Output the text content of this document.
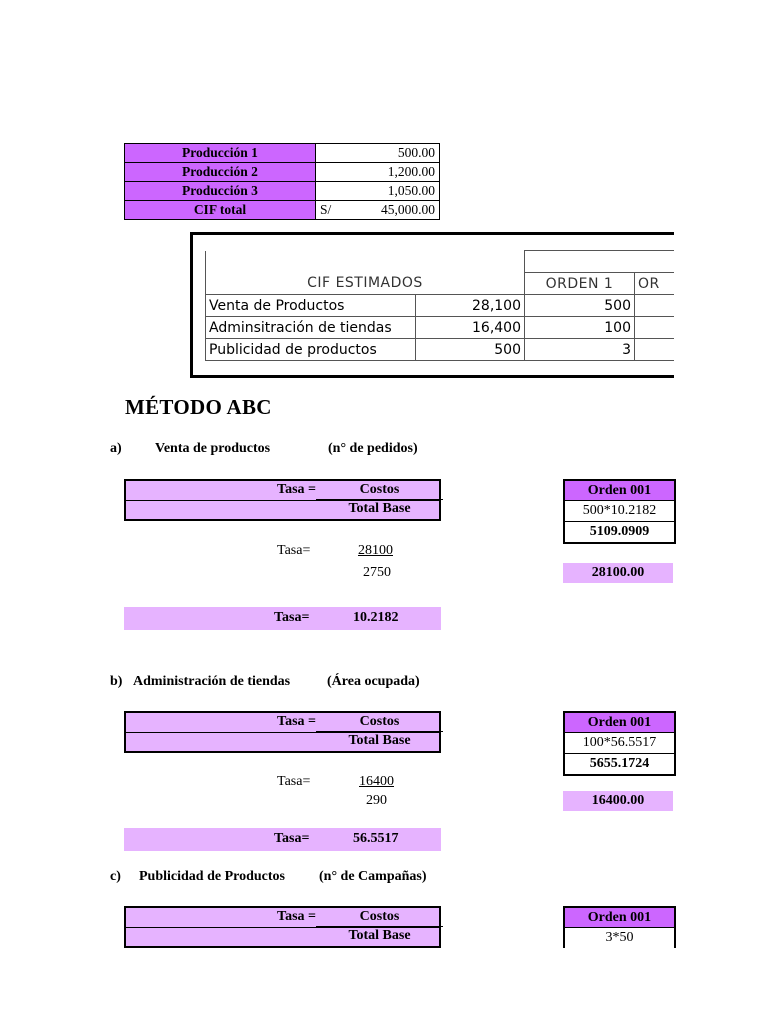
Producción 1	500.00
Producción 2	1,200.00
Producción 3	1,050.00
CIF total	S/ 45,000.00

CIF ESTIMADOS		ORDEN 1	OR
Venta de Productos	28,100	500	
Adminsitración de tiendas	16,400	100	
Publicidad de productos	500	3	
MÉTODO ABC
a) Venta de productos	(n° de pedidos)
Tasa =	Costos
Total Base
Tasa=	28100
2750
Tasa=	10.2182
Orden 001
500*10.2182
5109.0909
28100.00
b) Administración de tiendas	(Área ocupada)
Tasa =	Costos
Total Base
Tasa=	16400
290
Tasa=	56.5517
Orden 001
100*56.5517
5655.1724
16400.00
c) Publicidad de Productos (n° de Campañas)
Tasa =	Costos
Total Base
Orden 001
3*50
